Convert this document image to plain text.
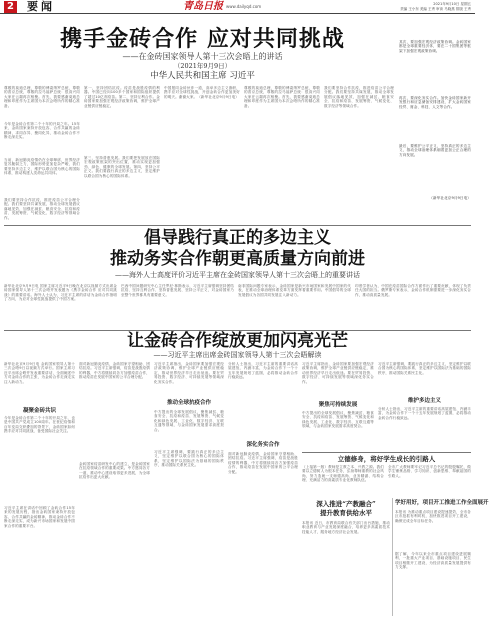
2 要闻	青岛日报 www.dailyqd.com	2021年9月10日 星期五
责编 王小东 美编 王秀 审读 马晓燕 排版 王秀
携手金砖合作 应对共同挑战
——在金砖国家领导人第十三次会晤上的讲话
（2021年9月9日）
中华人民共和国主席 习近平
尊敬的莫迪总理，尊敬的博索纳罗总统，尊敬的普京总统，尊敬的拉马福萨总统：很高兴同大家在云端再次相聚。首先，我要感谢莫迪总理和印度作为主席国为本次会晤所作的精心准备。
今年是金砖合作第二个十年的开局之年。15年来，金砖国家秉持开放包容、合作共赢的金砖精神，求同存异、聚同化异，推动金砖合作不断走深走实。
当前，新冠肺炎疫情仍在全球肆虐，世界经济复苏脆弱乏力，国际形势更加复杂严峻，我们要坚持多边主义，维护以联合国为核心的国际体系，推动构建人类命运共同体。
我们要坚持合作抗疫，推进疫苗公平合理分配。我们要坚持共谋发展，推动全球发展倡议落地见效，加强在减贫、粮食安全、抗疫和疫苗、发展筹资、气候变化、数字经济等领域合作。
第一，坚持团结抗疫。疫苗是战胜疫情的利器。中国已经向100多个国家和国际组织提供了超过10亿剂疫苗。第二，坚持互利合作。金砖国家要加强宏观经济政策协调，维护全球产业链供应链稳定。
第三，坚持普惠发展。我们要把发展放在国际宏观政策框架的突出位置，推动实现更加强劲、绿色、健康的全球发展。第四，坚持公平正义。我们要践行真正的多边主义，坚定维护以联合国为核心的国际体系。
中国愿同金砖伙伴一道，高举多边主义旗帜，携手应对全球性挑战，开创金砖合作更加美好的明天。谢谢大家。（新华社北京9月9日电）
尊敬的莫迪总理，尊敬的博索纳罗总统，尊敬的普京总统，尊敬的拉马福萨总统：很高兴同大家在云端再次相聚。首先，我要感谢莫迪总理和印度作为主席国为本次会晤所作的精心准备。
我们要坚持合作抗疫，推进疫苗公平合理分配。我们要坚持共谋发展，推动全球发展倡议落地见效，加强在减贫、粮食安全、抗疫和疫苗、发展筹资、气候变化、数字经济等领域合作。
其次，要加强宏观经济政策协调。金砖国家都是全球重要经济体，要在二十国集团等框架下加强宏观政策协调。
再次，要深化务实合作。加快金砖国家新开发银行和应急储备安排建设，扩大金砖国家经贸、财金、科技、人文等合作。
最后，要维护公平正义，坚持真正的多边主义，推动全球治理体系朝着更加公正合理的方向发展。
（新华社北京9月9日电）
倡导践行真正的多边主义
推动务实合作朝更高质量方向前进
——海外人士高度评价习近平主席在金砖国家领导人第十三次会晤上的重要讲话
新华社北京9月9日电 国家主席习近平9日晚在北京以视频方式出席金砖国家领导人第十三次会晤并发表题为《携手金砖合作 应对共同挑战》的重要讲话。海外人士认为，习近平主席的讲话为金砖合作指明了方向，为应对全球性挑战提供了中国方案。
巴西中国问题研究中心主任罗尼·林斯表示，习近平主席强调坚持团结抗疫、坚持互利合作、坚持普惠发展、坚持公平正义，对金砖国家乃至整个世界都具有重要意义。
南非国际问题专家表示，金砖国家是新兴市场国家和发展中国家的代表，在推动全球治理体系变革方面发挥着重要作用。中国倡导的全球发展倡议为各国共同发展注入新动力。
印度学者认为，中国在疫苗国际合作方面作出了重要贡献，体现了负责任大国的担当。俄罗斯专家表示，金砖合作机制需要进一步深化务实合作，推动高质量发展。
让金砖合作绽放更加闪亮光芒
——习近平主席出席金砖国家领导人第十三次会晤解读
新华社北京9月9日电 金砖国家领导人第十三次会晤9日以视频方式举行。国家主席习近平出席会晤并发表重要讲话，全面阐述中方对金砖合作的主张，为金砖合作走深走实注入新动力。
凝聚金砖共识
今年是金砖合作第二个十年的开局之年，也是中国共产党成立100周年。在世纪疫情和百年变局交织叠加的背景下，金砖国家如何携手应对共同挑战，备受国际社会关注。
习近平主席在讲话中回顾了金砖合作15年来的发展历程，指出金砖国家秉持开放包容、合作共赢的金砖精神，推动金砖合作不断走深走实，成为新兴市场国家和发展中国家合作的重要平台。
面对新冠肺炎疫情，金砖国家守望相助、团结抗疫。习近平主席强调，疫苗是战胜疫情的利器，中方将继续同各方加强疫苗合作，推动疫苗在发展中国家的公平合理分配。
金砖国家疫苗研发中心的建立，是金砖国家在抗疫领域合作的重要成果。中方愿同各方一道，推动中心建设取得更多进展，为全球抗疫作出更大贡献。
习近平主席指出，金砖国家要加强宏观经济政策协调，维护全球产业链供应链稳定，推动世界经济早日走出低迷。要在贸易投资、数字经济、可持续发展等领域深化务实合作。
推动全球抗疫合作
中方提出的全球发展倡议，聚焦减贫、粮食安全、抗疫和疫苗、发展筹资、气候变化和绿色发展、工业化、数字经济、互联互通等领域，与金砖国家发展需求高度契合。
习近平主席强调，要践行真正的多边主义，坚定维护以联合国为核心的国际体系，坚定维护以国际法为基础的国际秩序，推动国际关系民主化。
分析人士指出，习近平主席的重要讲话高屋建瓴、内涵丰富，为金砖合作下一个十五年发展规划了蓝图，必将推动金砖合作行稳致远。
深化务实合作
面对新冠肺炎疫情，金砖国家守望相助、团结抗疫。习近平主席强调，疫苗是战胜疫情的利器，中方将继续同各方加强疫苗合作，推动疫苗在发展中国家的公平合理分配。
习近平主席指出，金砖国家要加强宏观经济政策协调，维护全球产业链供应链稳定，推动世界经济早日走出低迷。要在贸易投资、数字经济、可持续发展等领域深化务实合作。
聚焦可持续发展
中方提出的全球发展倡议，聚焦减贫、粮食安全、抗疫和疫苗、发展筹资、气候变化和绿色发展、工业化、数字经济、互联互通等领域，与金砖国家发展需求高度契合。
习近平主席强调，要践行真正的多边主义，坚定维护以联合国为核心的国际体系，坚定维护以国际法为基础的国际秩序，推动国际关系民主化。
维护多边主义
分析人士指出，习近平主席的重要讲话高屋建瓴、内涵丰富，为金砖合作下一个十五年发展规划了蓝图，必将推动金砖合作行稳致远。
立德修身，将好学生成长的引路人
（上接第一版）教师是立教之本、兴教之源。我们要以立德树人为根本任务，弘扬尊师重教的社会风尚，努力造就一支师德高尚、业务精湛、结构合理、充满活力的高素质专业化教师队伍。
全市广大教师要牢记习近平总书记的殷殷嘱托，做学生锤炼品格、学习知识、创新思维、奉献祖国的引路人。
深入推进“产教融合”
提升教育供给水平
本报讯 近日，市教育局联合有关部门出台措施，推动职业教育与产业发展深度融合，培养更多高素质技术技能人才，服务地方经济社会发展。
学好用好，项目开工推进工作全面展开
本报讯 为推动重点项目建设提速提效，全市各区市抢抓有利时机，加快推进项目开工建设，确保完成全年目标任务。
据了解，今年以来全市重点项目建设进展顺利，一批重大产业项目、基础设施项目、民生项目相继开工建设，为经济高质量发展提供有力支撑。
